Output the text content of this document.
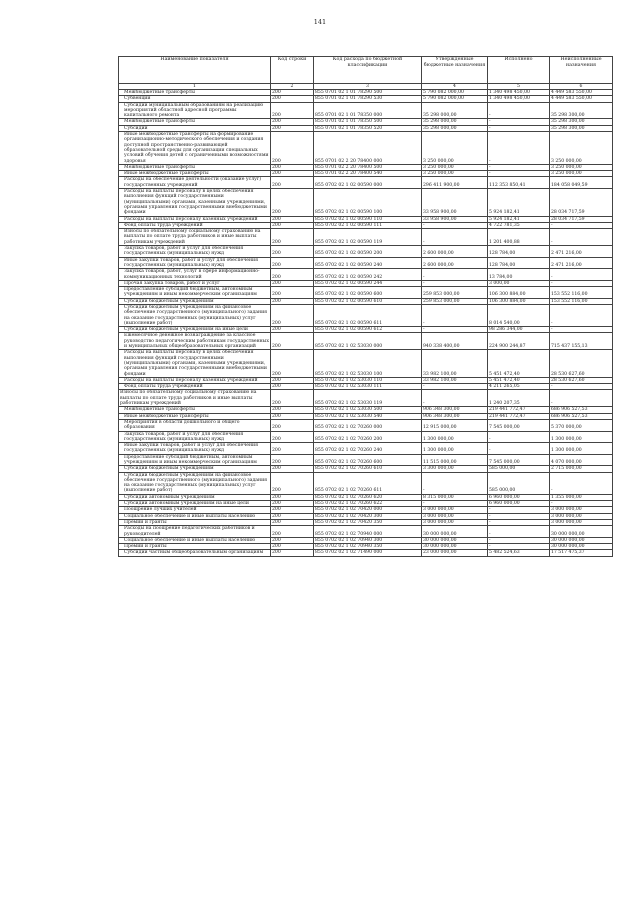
141
Наименование показателя	Код строки	Код расхода по бюджетной классификации	Утвержденные бюджетные назначения	Исполнено	Неисполненные назначения
1	2	3	4	5	6
Межбюджетные трансферты	200	855 0701 02 1 01 78290 500	5 790 082 000,00	1 340 498 450,00	4 449 583 550,00
Субвенции	200	855 0701 02 1 01 78290 530	5 790 082 000,00	1 340 498 450,00	4 449 583 550,00
Субсидии муниципальным образованиям на реализацию мероприятий областной адресной программы капитального ремонта	200	855 0701 02 1 01 78350 000	35 298 000,00	-	35 298 300,00
Межбюджетные трансферты	200	855 0701 02 1 01 78350 500	35 298 000,00	-	35 298 300,00
Субсидии	200	855 0701 02 1 01 78350 520	35 298 000,00	-	35 298 300,00
Иные межбюджетные трансферты на формирование организационно-методического обеспечения и создания доступной пространственно-развивающей образовательной среды для организации специальных условий обучения детей с ограниченными возможностями здоровья	200	855 0701 02 2 20 78400 000	3 250 000,00	-	3 250 000,00
Межбюджетные трансферты	200	855 0701 02 2 20 78400 500	3 250 000,00	-	3 250 000,00
Иные межбюджетные трансферты	200	855 0701 02 2 20 78400 540	3 250 000,00	-	3 250 000,00
Расходы на обеспечение деятельности (оказание услуг) государственных учреждений	200	855 0702 02 1 02 00590 000	296 411 900,00	112 353 850,41	184 058 049,59
Расходы на выплаты персоналу в целях обеспечения выполнения функций государственными (муниципальными) органами, казенными учреждениями, органами управления государственными внебюджетными фондами	200	855 0702 02 1 02 00590 100	33 958 900,00	5 924 182,41	28 034 717,59
Расходы на выплаты персоналу казенных учреждений	200	855 0702 02 1 02 00590 110	33 958 900,00	5 924 182,41	28 034 717,59
Фонд оплаты труда учреждений	200	855 0702 02 1 02 00590 111	-	4 722 781,35	-
Взносы по обязательному социальному страхованию на выплаты по оплате труда работников и иные выплаты работникам учреждений	200	855 0702 02 1 02 00590 119	-	1 201 400,88	-
Закупка товаров, работ и услуг для обеспечения государственных (муниципальных) нужд	200	855 0702 02 1 02 00590 200	2 600 000,00	128 784,00	2 471 216,00
Иные закупки товаров, работ и услуг для обеспечения государственных (муниципальных) нужд	200	855 0702 02 1 02 00590 240	2 600 000,00	128 784,00	2 471 216,00
Закупка товаров, работ, услуг в сфере информационно-коммуникационных технологий	200	855 0702 02 1 02 00590 242	-	13 784,00	-
Прочая закупка товаров, работ и услуг	200	855 0702 02 1 02 00590 244	-	3 000,00	-
Предоставление субсидий бюджетным, автономным учреждениям и иным некоммерческим организациям	200	855 0702 02 1 02 00590 600	259 853 000,00	106 300 884,00	153 552 116,00
Субсидии бюджетным учреждениям	200	855 0702 02 1 02 00590 610	259 853 000,00	106 300 884,00	153 552 116,00
Субсидии бюджетным учреждениям на финансовое обеспечение государственного (муниципального) задания на оказание государственных (муниципальных) услуг (выполнение работ)	200	855 0702 02 1 02 00590 611	-	8 014 540,00	-
Субсидии бюджетным учреждениям на иные цели	200	855 0702 02 1 02 00590 612	-	98 286 344,00	-
Ежемесячное денежное вознаграждение за классное руководство педагогическим работникам государственных и муниципальных общеобразовательных организаций	200	855 0702 02 1 02 53030 000	940 338 400,00	224 900 244,87	715 437 155,13
Расходы на выплаты персоналу в целях обеспечения выполнения функций государственными (муниципальными) органами, казенными учреждениями, органами управления государственными внебюджетными фондами	200	855 0702 02 1 02 53030 100	33 982 100,00	5 451 472,40	28 530 627,60
Расходы на выплаты персоналу казенных учреждений	200	855 0702 02 1 02 53030 110	33 982 100,00	5 451 472,40	28 530 627,60
Фонд оплаты труда учреждений	200	855 0702 02 1 02 53030 111	-	4 211 265,05	-
Взносы по обязательному социальному страхованию на выплаты по оплате труда работников и иные выплаты работникам учреждений	200	855 0702 02 1 02 53030 119	-	1 240 207,35	-
Межбюджетные трансферты	200	855 0702 02 1 02 53030 500	906 348 300,00	219 441 772,47	686 906 527,53
Иные межбюджетные трансферты	200	855 0702 02 1 02 53030 540	906 348 300,00	219 441 772,47	686 906 527,53
Мероприятия в области дошкольного и общего образования	200	855 0702 02 1 02 70260 000	12 915 000,00	7 545 000,00	5 370 000,00
Закупка товаров, работ и услуг для обеспечения государственных (муниципальных) нужд	200	855 0702 02 1 02 70260 200	1 300 000,00	-	1 300 000,00
Иные закупки товаров, работ и услуг для обеспечения государственных (муниципальных) нужд	200	855 0702 02 1 02 70260 240	1 300 000,00	-	1 300 000,00
Предоставление субсидий бюджетным, автономным учреждениям и иным некоммерческим организациям	200	855 0702 02 1 02 70260 600	11 515 000,00	7 545 000,00	4 070 000,00
Субсидии бюджетным учреждениям	200	855 0702 02 1 02 70260 610	3 300 000,00	585 000,00	2 715 000,00
Субсидии бюджетным учреждениям на финансовое обеспечение государственного (муниципального) задания на оказание государственных (муниципальных) услуг (выполнение работ)	200	855 0702 02 1 02 70260 611	-	585 000,00	-
Субсидии автономным учреждениям	200	855 0702 02 1 02 70260 620	8 315 000,00	6 960 000,00	1 355 000,00
Субсидии автономным учреждениям на иные цели	200	855 0702 02 1 02 70260 622	-	6 960 000,00	-
Поощрение лучших учителей	200	855 0702 02 1 02 70420 000	3 000 000,00	-	3 000 000,00
Социальное обеспечение и иные выплаты населению	200	855 0702 02 1 02 70420 300	3 000 000,00	-	3 000 000,00
Премии и гранты	200	855 0702 02 1 02 70420 350	3 000 000,00	-	3 000 000,00
Расходы на поощрение педагогических работников и руководителей	200	855 0702 02 1 02 70940 000	30 000 000,00	-	30 000 000,00
Социальное обеспечение и иные выплаты населению	200	855 0702 02 1 02 70940 300	30 000 000,00	-	30 000 000,00
Премии и гранты	200	855 0702 02 1 02 70940 350	30 000 000,00	-	30 000 000,00
Субсидии частным общеобразовательным организациям	200	855 0702 02 1 02 71490 000	23 000 000,00	5 482 524,63	17 517 475,37
